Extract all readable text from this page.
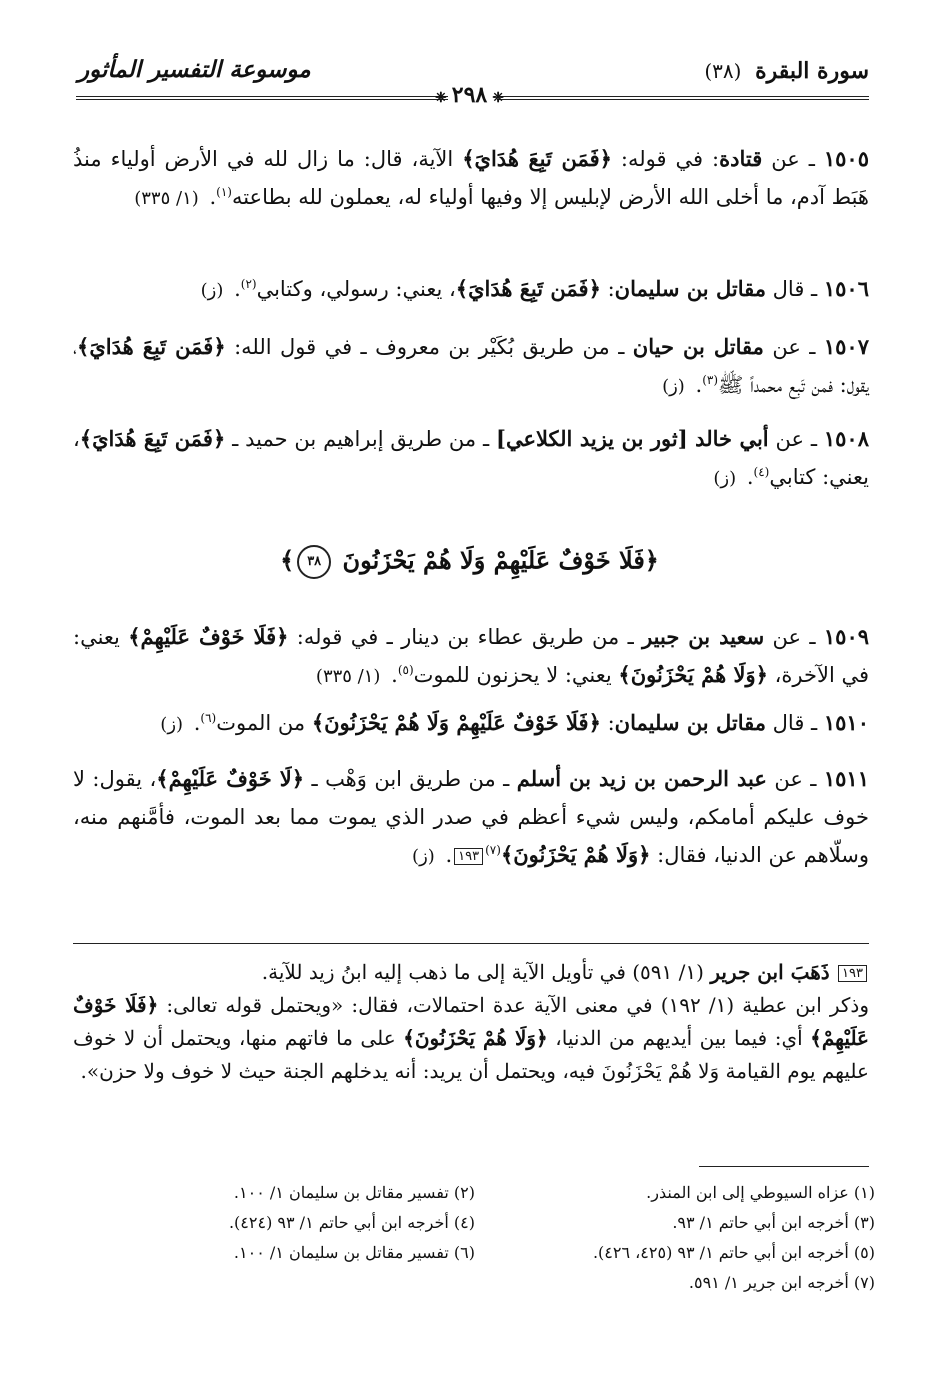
سورة البقرة (٣٨)
موسوعة التفسير المأثور
❈٢٩٨❈
١٥٠٥ ـ عن قتادة: في قوله: ﴿فَمَن تَبِعَ هُدَايَ﴾ الآية، قال: ما زال لله في الأرض أولياء منذُ هَبَط آدم، ما أخلى الله الأرض لإبليس إلا وفيها أولياء له، يعملون لله بطاعته$^{(١)}$. (١/ ٣٣٥)
١٥٠٦ ـ قال مقاتل بن سليمان: ﴿فَمَن تَبِعَ هُدَايَ﴾، يعني: رسولي، وكتابي$^{(٢)}$. (ز)
١٥٠٧ ـ عن مقاتل بن حيان ـ من طريق بُكَيْر بن معروف ـ في قول الله: ﴿فَمَن تَبِعَ هُدَايَ﴾، يقول: فمن تَبِع محمداً ﷺ$^{(٣)}$. (ز)
١٥٠٨ ـ عن أبي خالد [ثور بن يزيد الكلاعي] ـ من طريق إبراهيم بن حميد ـ ﴿فَمَن تَبِعَ هُدَايَ﴾، يعني: كتابي$^{(٤)}$. (ز)
﴿فَلَا خَوْفٌ عَلَيْهِمْ وَلَا هُمْ يَحْزَنُونَ ٣٨﴾
١٥٠٩ ـ عن سعيد بن جبير ـ من طريق عطاء بن دينار ـ في قوله: ﴿فَلَا خَوْفٌ عَلَيْهِمْ﴾ يعني: في الآخرة، ﴿وَلَا هُمْ يَحْزَنُونَ﴾ يعني: لا يحزنون للموت$^{(٥)}$. (١/ ٣٣٥)
١٥١٠ ـ قال مقاتل بن سليمان: ﴿فَلَا خَوْفٌ عَلَيْهِمْ وَلَا هُمْ يَحْزَنُونَ﴾ من الموت$^{(٦)}$. (ز)
١٥١١ ـ عن عبد الرحمن بن زيد بن أسلم ـ من طريق ابن وَهْب ـ ﴿لَا خَوْفٌ عَلَيْهِمْ﴾، يقول: لا خوف عليكم أمامكم، وليس شيء أعظم في صدر الذي يموت مما بعد الموت، فأمَّنهم منه، وسلّاهم عن الدنيا، فقال: ﴿وَلَا هُمْ يَحْزَنُونَ﴾$^{(٧)}$١٩٣. (ز)
١٩٣ ذَهَبَ ابن جرير (١/ ٥٩١) في تأويل الآية إلى ما ذهب إليه ابنُ زيد للآية.
وذكر ابن عطية (١/ ١٩٢) في معنى الآية عدة احتمالات، فقال: «ويحتمل قوله تعالى: ﴿فَلَا خَوْفٌ عَلَيْهِمْ﴾ أي: فيما بين أيديهم من الدنيا، ﴿وَلَا هُمْ يَحْزَنُونَ﴾ على ما فاتهم منها، ويحتمل أن لا خوف عليهم يوم القيامة وَلا هُمْ يَحْزَنُونَ فيه، ويحتمل أن يريد: أنه يدخلهم الجنة حيث لا خوف ولا حزن».
(١) عزاه السيوطي إلى ابن المنذر.
(٢) تفسير مقاتل بن سليمان ١/ ١٠٠.
(٣) أخرجه ابن أبي حاتم ١/ ٩٣.
(٤) أخرجه ابن أبي حاتم ١/ ٩٣ (٤٢٤).
(٥) أخرجه ابن أبي حاتم ١/ ٩٣ (٤٢٥، ٤٢٦).
(٦) تفسير مقاتل بن سليمان ١/ ١٠٠.
(٧) أخرجه ابن جرير ١/ ٥٩١.
